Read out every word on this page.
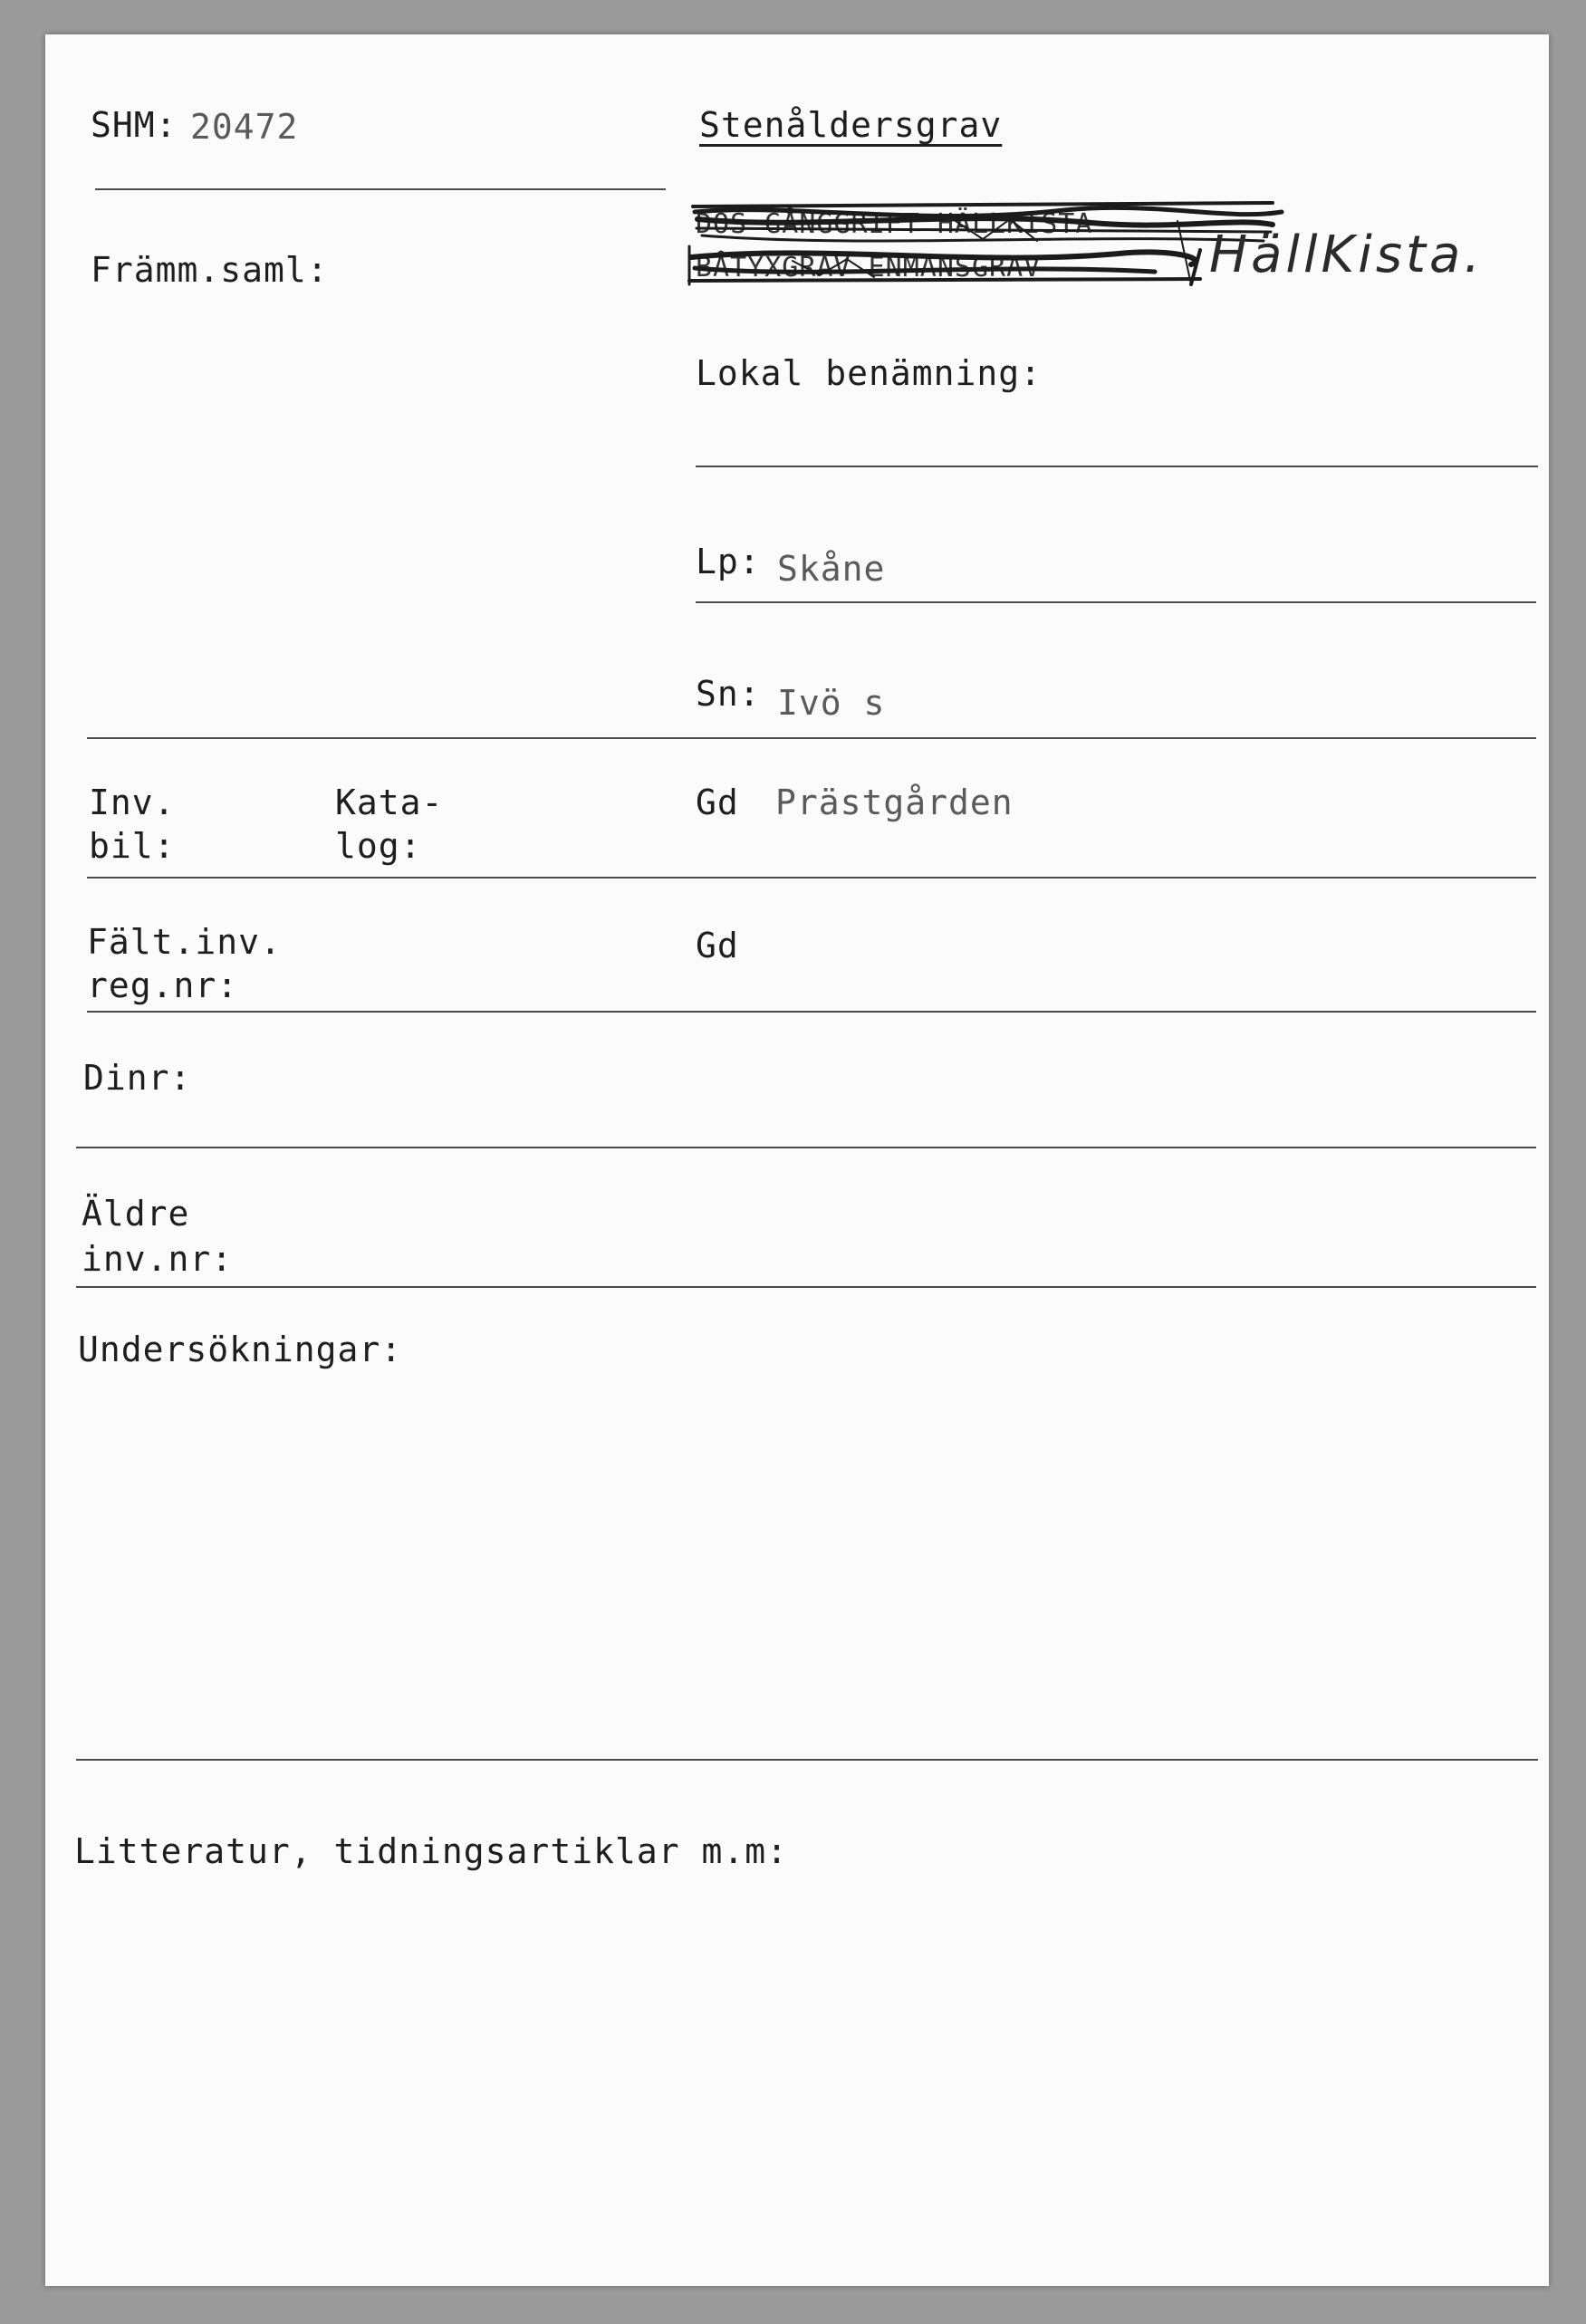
SHM: 20472	Stenåldersgrav
Främm.saml:
DOS GÅNGGRIFT HÄLLKISTA
BÅTYXGRAV ENMANSGRAV	HällKista.
Lokal benämning:
Lp: Skåne
Sn: Ivö s
Inv.
bil:
Kata-
log:
Gd Prästgården
Fält.inv.
reg.nr:
Gd
Dinr:
Äldre
inv.nr:
Undersökningar:
Litteratur, tidningsartiklar m.m:
